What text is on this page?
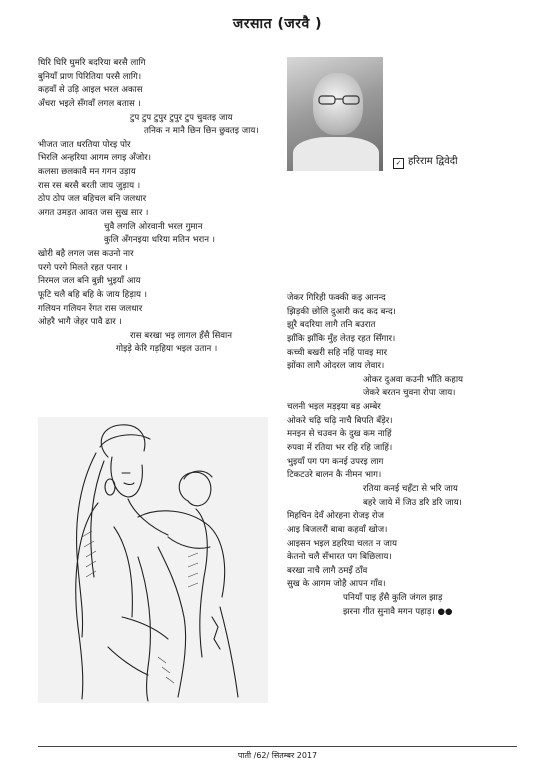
जरसात (जरवै )
✓ हरिराम द्विवेदी
घिरि घिरि घुमरि बदरिया बरसै लागि
बुनियाँ प्राण पिरितिया परसै लागि।
कहवाँ से उड़ि आइल भरल अकास
अँचरा भइले सँगवाँ लगल बतास ।
टुप टुप टुपुर टुपुर टुप चुवतइ जाय
तनिक न मानै छिन छिन छुवतइ जाय।
भीजत जात धरतिया पोरइ पोर
भिरलि अन्हरिया आगम लगइ अँजोर।
कलसा छलकावै मन गगन उड़ाय
रास रस बरसै बरती जाय जुड़ाय ।
ठोप ठोप जल बहिचल बनि जलधार
अगत उमड़त आवत जस सुख सार ।
चुवै लगलि ओरवानी भरल गुमान
कुलि अँगनइया धरिया मतिन भरान ।
खोरी बहै लगल जस कउनो नार
परगे परगे मिलते रहत पनार ।
निरमल जल बनि बुन्नी भुइयाँ आय
फूटि चलै बहि बहि के जाय हिड़ाय ।
गलियन गलियन रेंगत रास जलधार
ओहरै भागै जेहर पावै ढार ।
रास बरखा भइ लागल हँसै सिवान
गोइड़े केरि गड़हिया भइल उतान ।
जेकर गिरिही फक्की कइ आनन्द
झिड़की छोलि दुआरी कद कद बन्द।
झुरै बदरिया लागै तनि बउरात
झाँकि झाँकि मुँह लेतइ रहत सिँगार।
कच्ची बखरी सहि नहिं पावइ मार
झोंका लागै ओदरल जाय लेवार।
ओकर दुअवा कउनी भाँति कहाय
जेकरे बरतन चुवना रोपा जाय।
चलनी भइल मड़इया बड़ अम्बेर
ओकरे चढ़ि चढ़ि नाचै बिपति बँड़ेर।
मनइन से चउवन के दुख कम नाहिं
रुपवा में रतिया भर रहि रहि जाहिं।
भुइयाँ पग पग कनई उपरइ लाग
टिकटउरे बालन कै नीमन भाग।
रतिया कनई चहँटा से भरि जाय
बहरे जाये में जिउ डरि डरि जाय।
मिहचिन देवँ ओरहना रोजइ रोज
आइ बिजलरौं बाबा कहवाँ खोज।
आइसन भइल डहरिया चलत न जाय
केतनो चलै सँभारत पग बिछिलाय।
बरखा नाचै लागै ठमइँ ठाँव
सुख के आगम जोहै आपन गाँव।
पनियाँ पाइ हँसै कुलि जंगल झाड़
झरना गीत सुनावै मगन पहाड़। ●●
पाती /62/ सितम्बर 2017
